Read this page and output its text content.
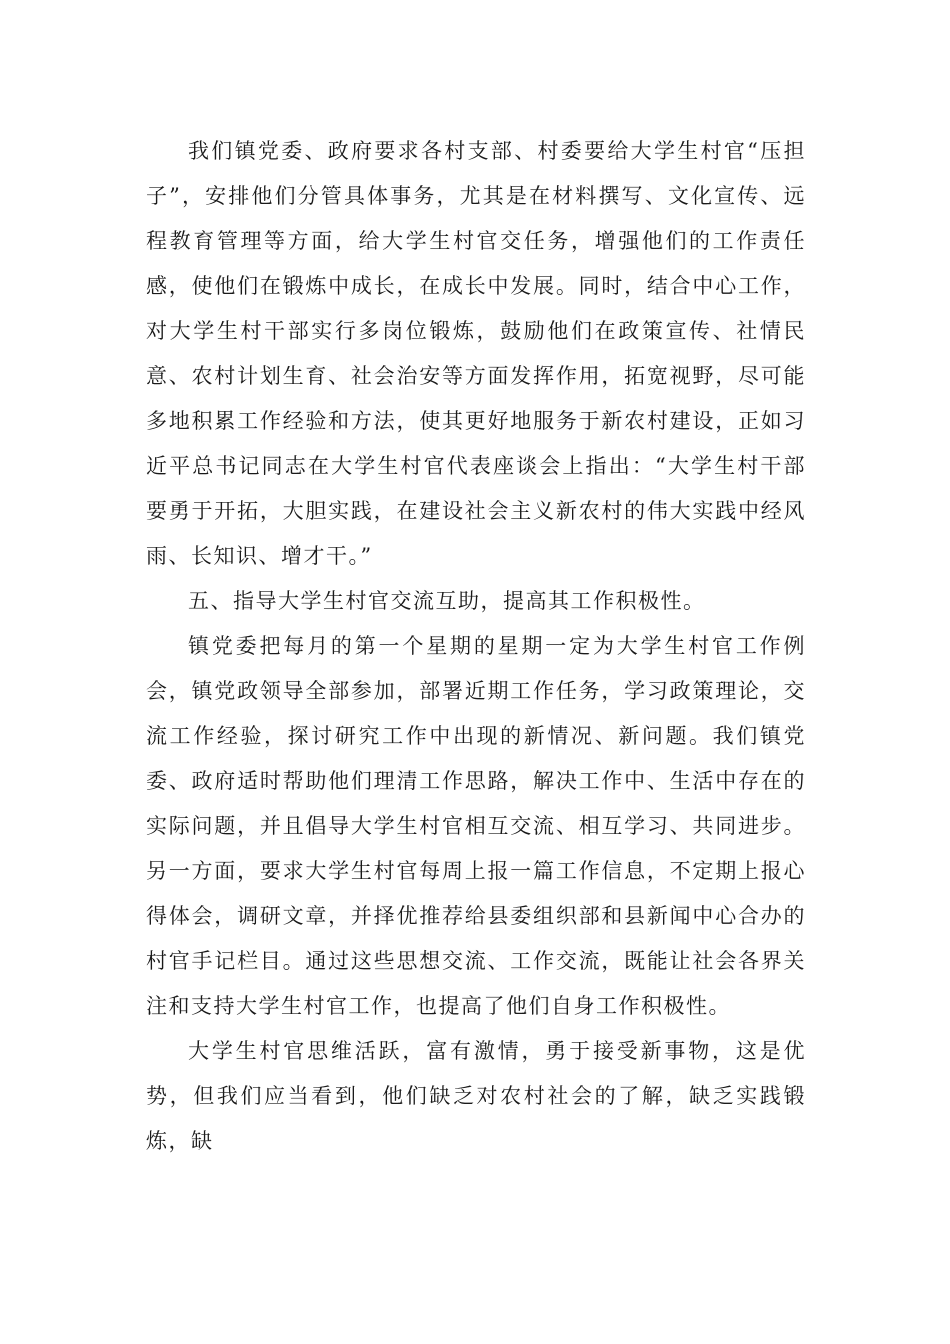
我们镇党委、政府要求各村支部、村委要给大学生村官“压担子”，安排他们分管具体事务，尤其是在材料撰写、文化宣传、远程教育管理等方面，给大学生村官交任务，增强他们的工作责任感，使他们在锻炼中成长，在成长中发展。同时，结合中心工作，对大学生村干部实行多岗位锻炼，鼓励他们在政策宣传、社情民意、农村计划生育、社会治安等方面发挥作用，拓宽视野，尽可能多地积累工作经验和方法，使其更好地服务于新农村建设，正如习近平总书记同志在大学生村官代表座谈会上指出：“大学生村干部要勇于开拓，大胆实践，在建设社会主义新农村的伟大实践中经风雨、长知识、增才干。”

五、指导大学生村官交流互助，提高其工作积极性。

镇党委把每月的第一个星期的星期一定为大学生村官工作例会，镇党政领导全部参加，部署近期工作任务，学习政策理论，交流工作经验，探讨研究工作中出现的新情况、新问题。我们镇党委、政府适时帮助他们理清工作思路，解决工作中、生活中存在的实际问题，并且倡导大学生村官相互交流、相互学习、共同进步。另一方面，要求大学生村官每周上报一篇工作信息，不定期上报心得体会，调研文章，并择优推荐给县委组织部和县新闻中心合办的村官手记栏目。通过这些思想交流、工作交流，既能让社会各界关注和支持大学生村官工作，也提高了他们自身工作积极性。

大学生村官思维活跃，富有激情，勇于接受新事物，这是优势，但我们应当看到，他们缺乏对农村社会的了解，缺乏实践锻炼，缺
